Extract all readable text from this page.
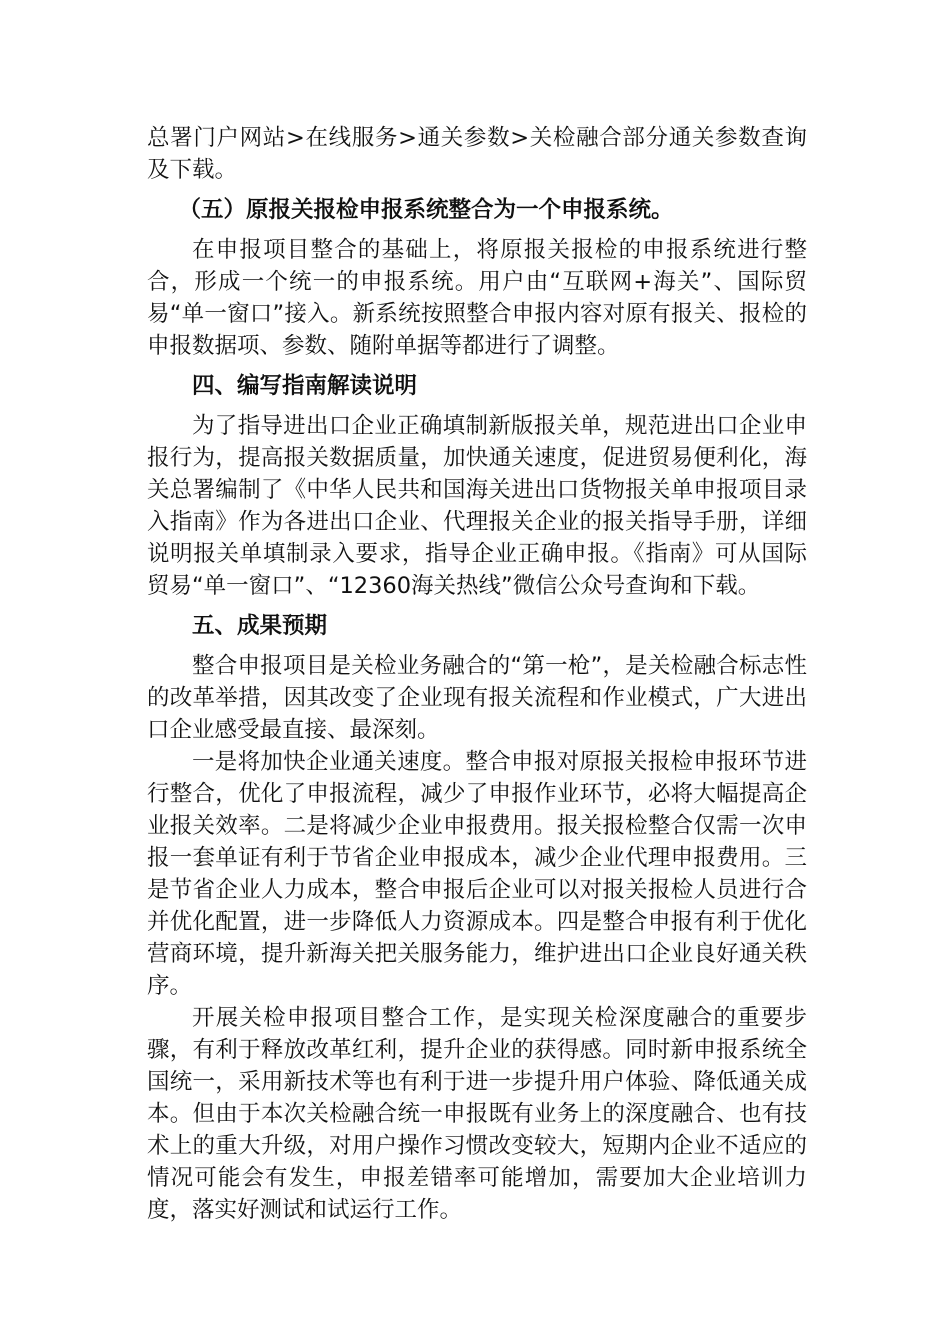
总署门户网站>在线服务>通关参数>关检融合部分通关参数查询及下载。

（五）原报关报检申报系统整合为一个申报系统。

在申报项目整合的基础上，将原报关报检的申报系统进行整合，形成一个统一的申报系统。用户由“互联网+海关”、国际贸易“单一窗口”接入。新系统按照整合申报内容对原有报关、报检的申报数据项、参数、随附单据等都进行了调整。

四、编写指南解读说明

为了指导进出口企业正确填制新版报关单，规范进出口企业申报行为，提高报关数据质量，加快通关速度，促进贸易便利化，海关总署编制了《中华人民共和国海关进出口货物报关单申报项目录入指南》作为各进出口企业、代理报关企业的报关指导手册，详细说明报关单填制录入要求，指导企业正确申报。《指南》可从国际贸易“单一窗口”、“12360海关热线”微信公众号查询和下载。

五、成果预期

整合申报项目是关检业务融合的“第一枪”，是关检融合标志性的改革举措，因其改变了企业现有报关流程和作业模式，广大进出口企业感受最直接、最深刻。

一是将加快企业通关速度。整合申报对原报关报检申报环节进行整合，优化了申报流程，减少了申报作业环节，必将大幅提高企业报关效率。二是将减少企业申报费用。报关报检整合仅需一次申报一套单证有利于节省企业申报成本，减少企业代理申报费用。三是节省企业人力成本，整合申报后企业可以对报关报检人员进行合并优化配置，进一步降低人力资源成本。四是整合申报有利于优化营商环境，提升新海关把关服务能力，维护进出口企业良好通关秩序。

开展关检申报项目整合工作，是实现关检深度融合的重要步骤，有利于释放改革红利，提升企业的获得感。同时新申报系统全国统一，采用新技术等也有利于进一步提升用户体验、降低通关成本。但由于本次关检融合统一申报既有业务上的深度融合、也有技术上的重大升级，对用户操作习惯改变较大，短期内企业不适应的情况可能会有发生，申报差错率可能增加，需要加大企业培训力度，落实好测试和试运行工作。
